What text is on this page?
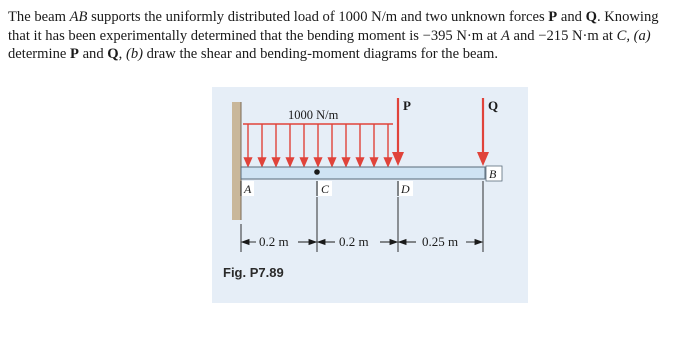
The beam AB supports the uniformly distributed load of 1000 N/m and two unknown forces P and Q. Knowing
that it has been experimentally determined that the bending moment is −395 N·m at A and −215 N·m at C, (a)
determine P and Q, (b) draw the shear and bending-moment diagrams for the beam.
1000 N/m
P	Q
B
A	C	D
0.2 m	0.2 m	0.25 m
Fig. P7.89
